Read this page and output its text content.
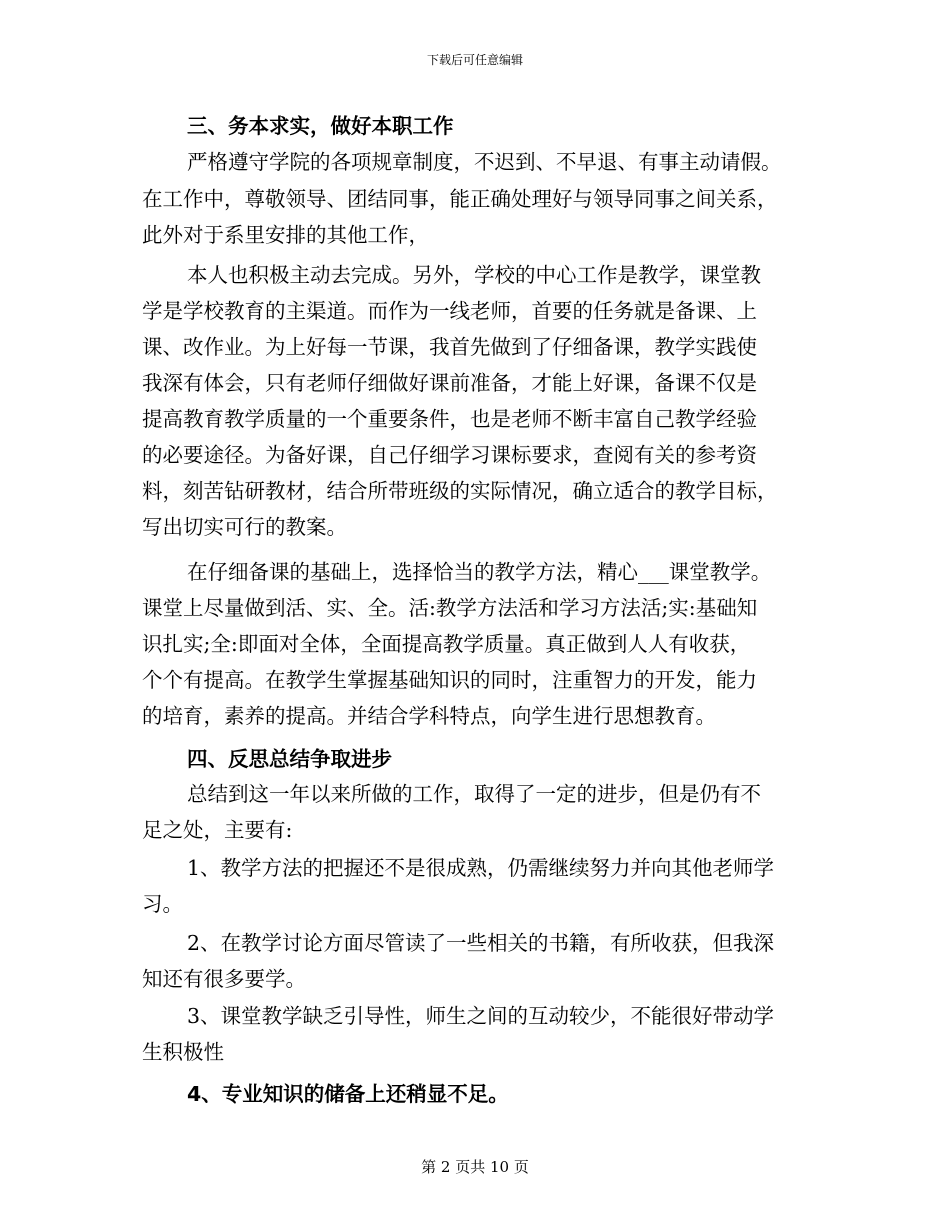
下载后可任意编辑
三、务本求实，做好本职工作
严格遵守学院的各项规章制度，不迟到、不早退、有事主动请假。
在工作中，尊敬领导、团结同事，能正确处理好与领导同事之间关系，
此外对于系里安排的其他工作，
本人也积极主动去完成。另外，学校的中心工作是教学，课堂教
学是学校教育的主渠道。而作为一线老师，首要的任务就是备课、上
课、改作业。为上好每一节课，我首先做到了仔细备课，教学实践使
我深有体会，只有老师仔细做好课前准备，才能上好课，备课不仅是
提高教育教学质量的一个重要条件，也是老师不断丰富自己教学经验
的必要途径。为备好课，自己仔细学习课标要求，查阅有关的参考资
料，刻苦钻研教材，结合所带班级的实际情况，确立适合的教学目标，
写出切实可行的教案。
在仔细备课的基础上，选择恰当的教学方法，精心___课堂教学。
课堂上尽量做到活、实、全。活:教学方法活和学习方法活;实:基础知
识扎实;全:即面对全体，全面提高教学质量。真正做到人人有收获，
个个有提高。在教学生掌握基础知识的同时，注重智力的开发，能力
的培育，素养的提高。并结合学科特点，向学生进行思想教育。
四、反思总结争取进步
总结到这一年以来所做的工作，取得了一定的进步，但是仍有不
足之处，主要有:
1、教学方法的把握还不是很成熟，仍需继续努力并向其他老师学
习。
2、在教学讨论方面尽管读了一些相关的书籍，有所收获，但我深
知还有很多要学。
3、课堂教学缺乏引导性，师生之间的互动较少，不能很好带动学
生积极性
4、专业知识的储备上还稍显不足。
第 2 页共 10 页
